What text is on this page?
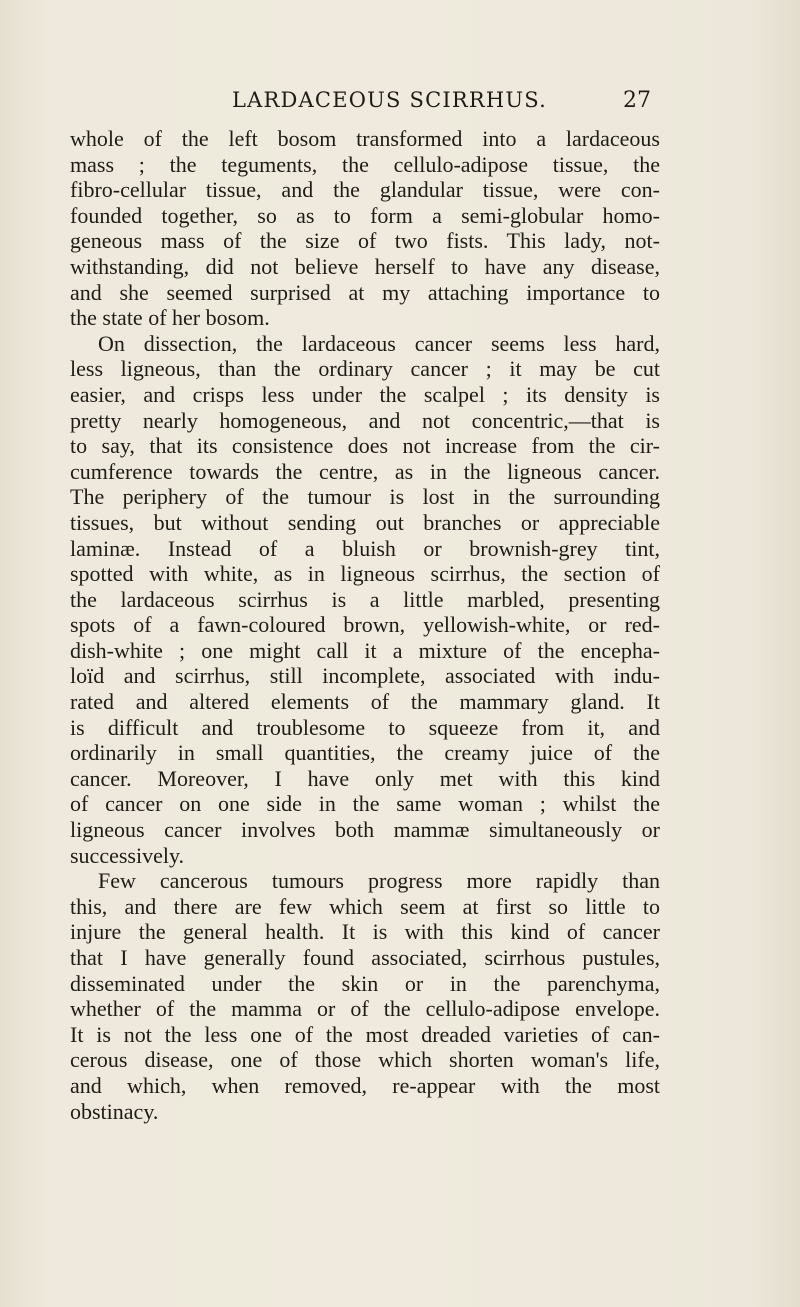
LARDACEOUS SCIRRHUS.	27
whole of the left bosom transformed into a lardaceous
mass ; the teguments, the cellulo-adipose tissue, the
fibro-cellular tissue, and the glandular tissue, were con-
founded together, so as to form a semi-globular homo-
geneous mass of the size of two fists. This lady, not-
withstanding, did not believe herself to have any disease,
and she seemed surprised at my attaching importance to
the state of her bosom.
On dissection, the lardaceous cancer seems less hard,
less ligneous, than the ordinary cancer ; it may be cut
easier, and crisps less under the scalpel ; its density is
pretty nearly homogeneous, and not concentric,—that is
to say, that its consistence does not increase from the cir-
cumference towards the centre, as in the ligneous cancer.
The periphery of the tumour is lost in the surrounding
tissues, but without sending out branches or appreciable
laminæ. Instead of a bluish or brownish-grey tint,
spotted with white, as in ligneous scirrhus, the section of
the lardaceous scirrhus is a little marbled, presenting
spots of a fawn-coloured brown, yellowish-white, or red-
dish-white ; one might call it a mixture of the encepha-
loïd and scirrhus, still incomplete, associated with indu-
rated and altered elements of the mammary gland. It
is difficult and troublesome to squeeze from it, and
ordinarily in small quantities, the creamy juice of the
cancer. Moreover, I have only met with this kind
of cancer on one side in the same woman ; whilst the
ligneous cancer involves both mammæ simultaneously or
successively.
Few cancerous tumours progress more rapidly than
this, and there are few which seem at first so little to
injure the general health. It is with this kind of cancer
that I have generally found associated, scirrhous pustules,
disseminated under the skin or in the parenchyma,
whether of the mamma or of the cellulo-adipose envelope.
It is not the less one of the most dreaded varieties of can-
cerous disease, one of those which shorten woman's life,
and which, when removed, re-appear with the most
obstinacy.
